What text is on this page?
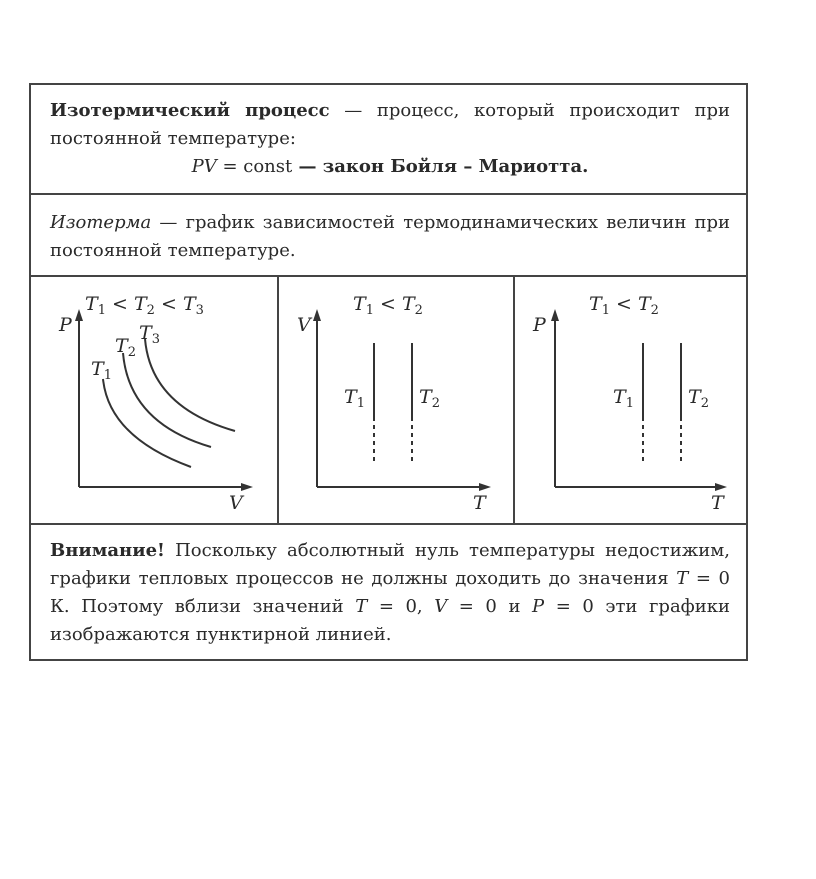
Изотермический процесс — процесс, который происходит при постоянной температуре:
PV = const — закон Бойля – Мариотта.
Изотерма — график зависимостей термодинамических величин при постоянной температуре.
$T_1 < T_2 < T_3$
P
V
$T_1$
$T_2$
$T_3$
$T_1 < T_2$
V
T
$T_1$	$T_2$
$T_1 < T_2$
P
T
$T_1$	$T_2$
Внимание! Поскольку абсолютный нуль температуры недостижим, графики тепловых процессов не должны доходить до значения T = 0 К. Поэтому вблизи значений T = 0, V = 0 и P = 0 эти графики изображаются пунктирной линией.
